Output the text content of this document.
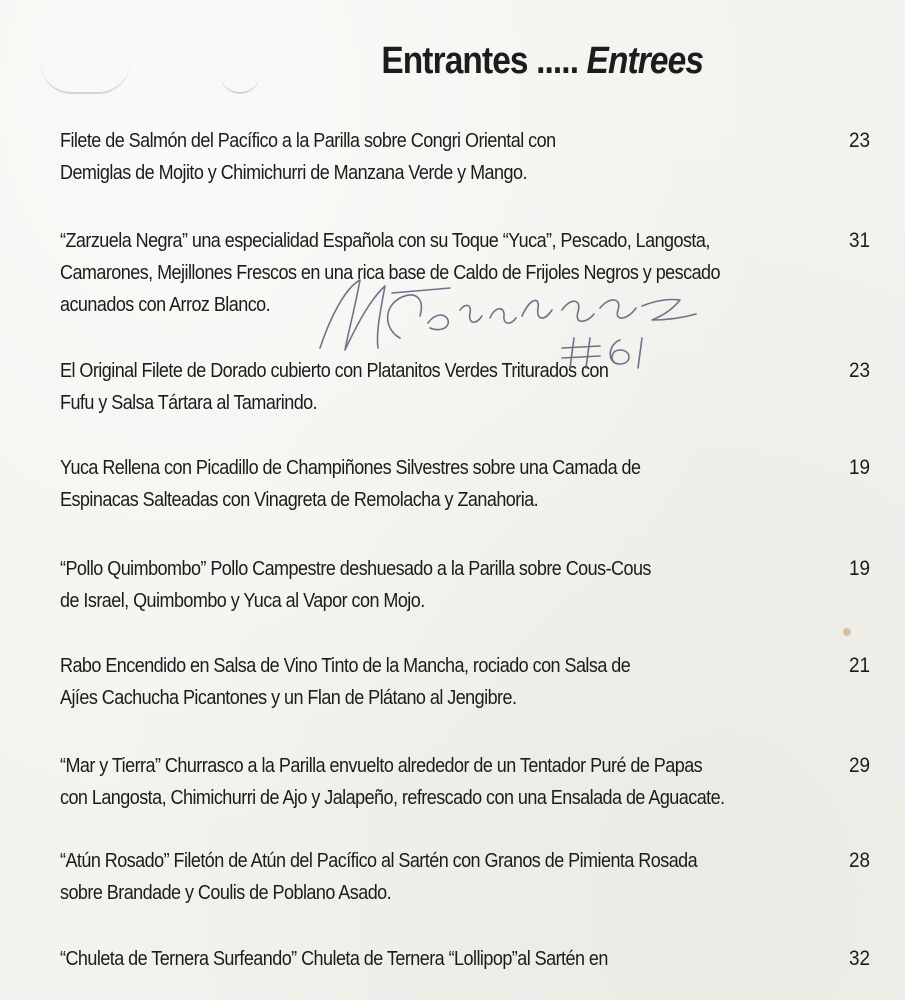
Entrantes ..... Entrees
Filete de Salmón del Pacífico a la Parilla sobre Congri Oriental con
Demiglas de Mojito y Chimichurri de Manzana Verde y Mango.
23
“Zarzuela Negra” una especialidad Española con su Toque “Yuca”, Pescado, Langosta,
Camarones, Mejillones Frescos en una rica base de Caldo de Frijoles Negros y pescado
acunados con Arroz Blanco.
31
El Original Filete de Dorado cubierto con Platanitos Verdes Triturados con
Fufu y Salsa Tártara al Tamarindo.
23
Yuca Rellena con Picadillo de Champiñones Silvestres sobre una Camada de
Espinacas Salteadas con Vinagreta de Remolacha y Zanahoria.
19
“Pollo Quimbombo” Pollo Campestre deshuesado a la Parilla sobre Cous-Cous
de Israel, Quimbombo y Yuca al Vapor con Mojo.
19
Rabo Encendido en Salsa de Vino Tinto de la Mancha, rociado con Salsa de
Ajíes Cachucha Picantones y un Flan de Plátano al Jengibre.
21
“Mar y Tierra” Churrasco a la Parilla envuelto alrededor de un Tentador Puré de Papas
con Langosta, Chimichurri de Ajo y Jalapeño, refrescado con una Ensalada de Aguacate.
29
“Atún Rosado” Filetón de Atún del Pacífico al Sartén con Granos de Pimienta Rosada
sobre Brandade y Coulis de Poblano Asado.
28
“Chuleta de Ternera Surfeando” Chuleta de Ternera “Lollipop”al Sartén en	32
